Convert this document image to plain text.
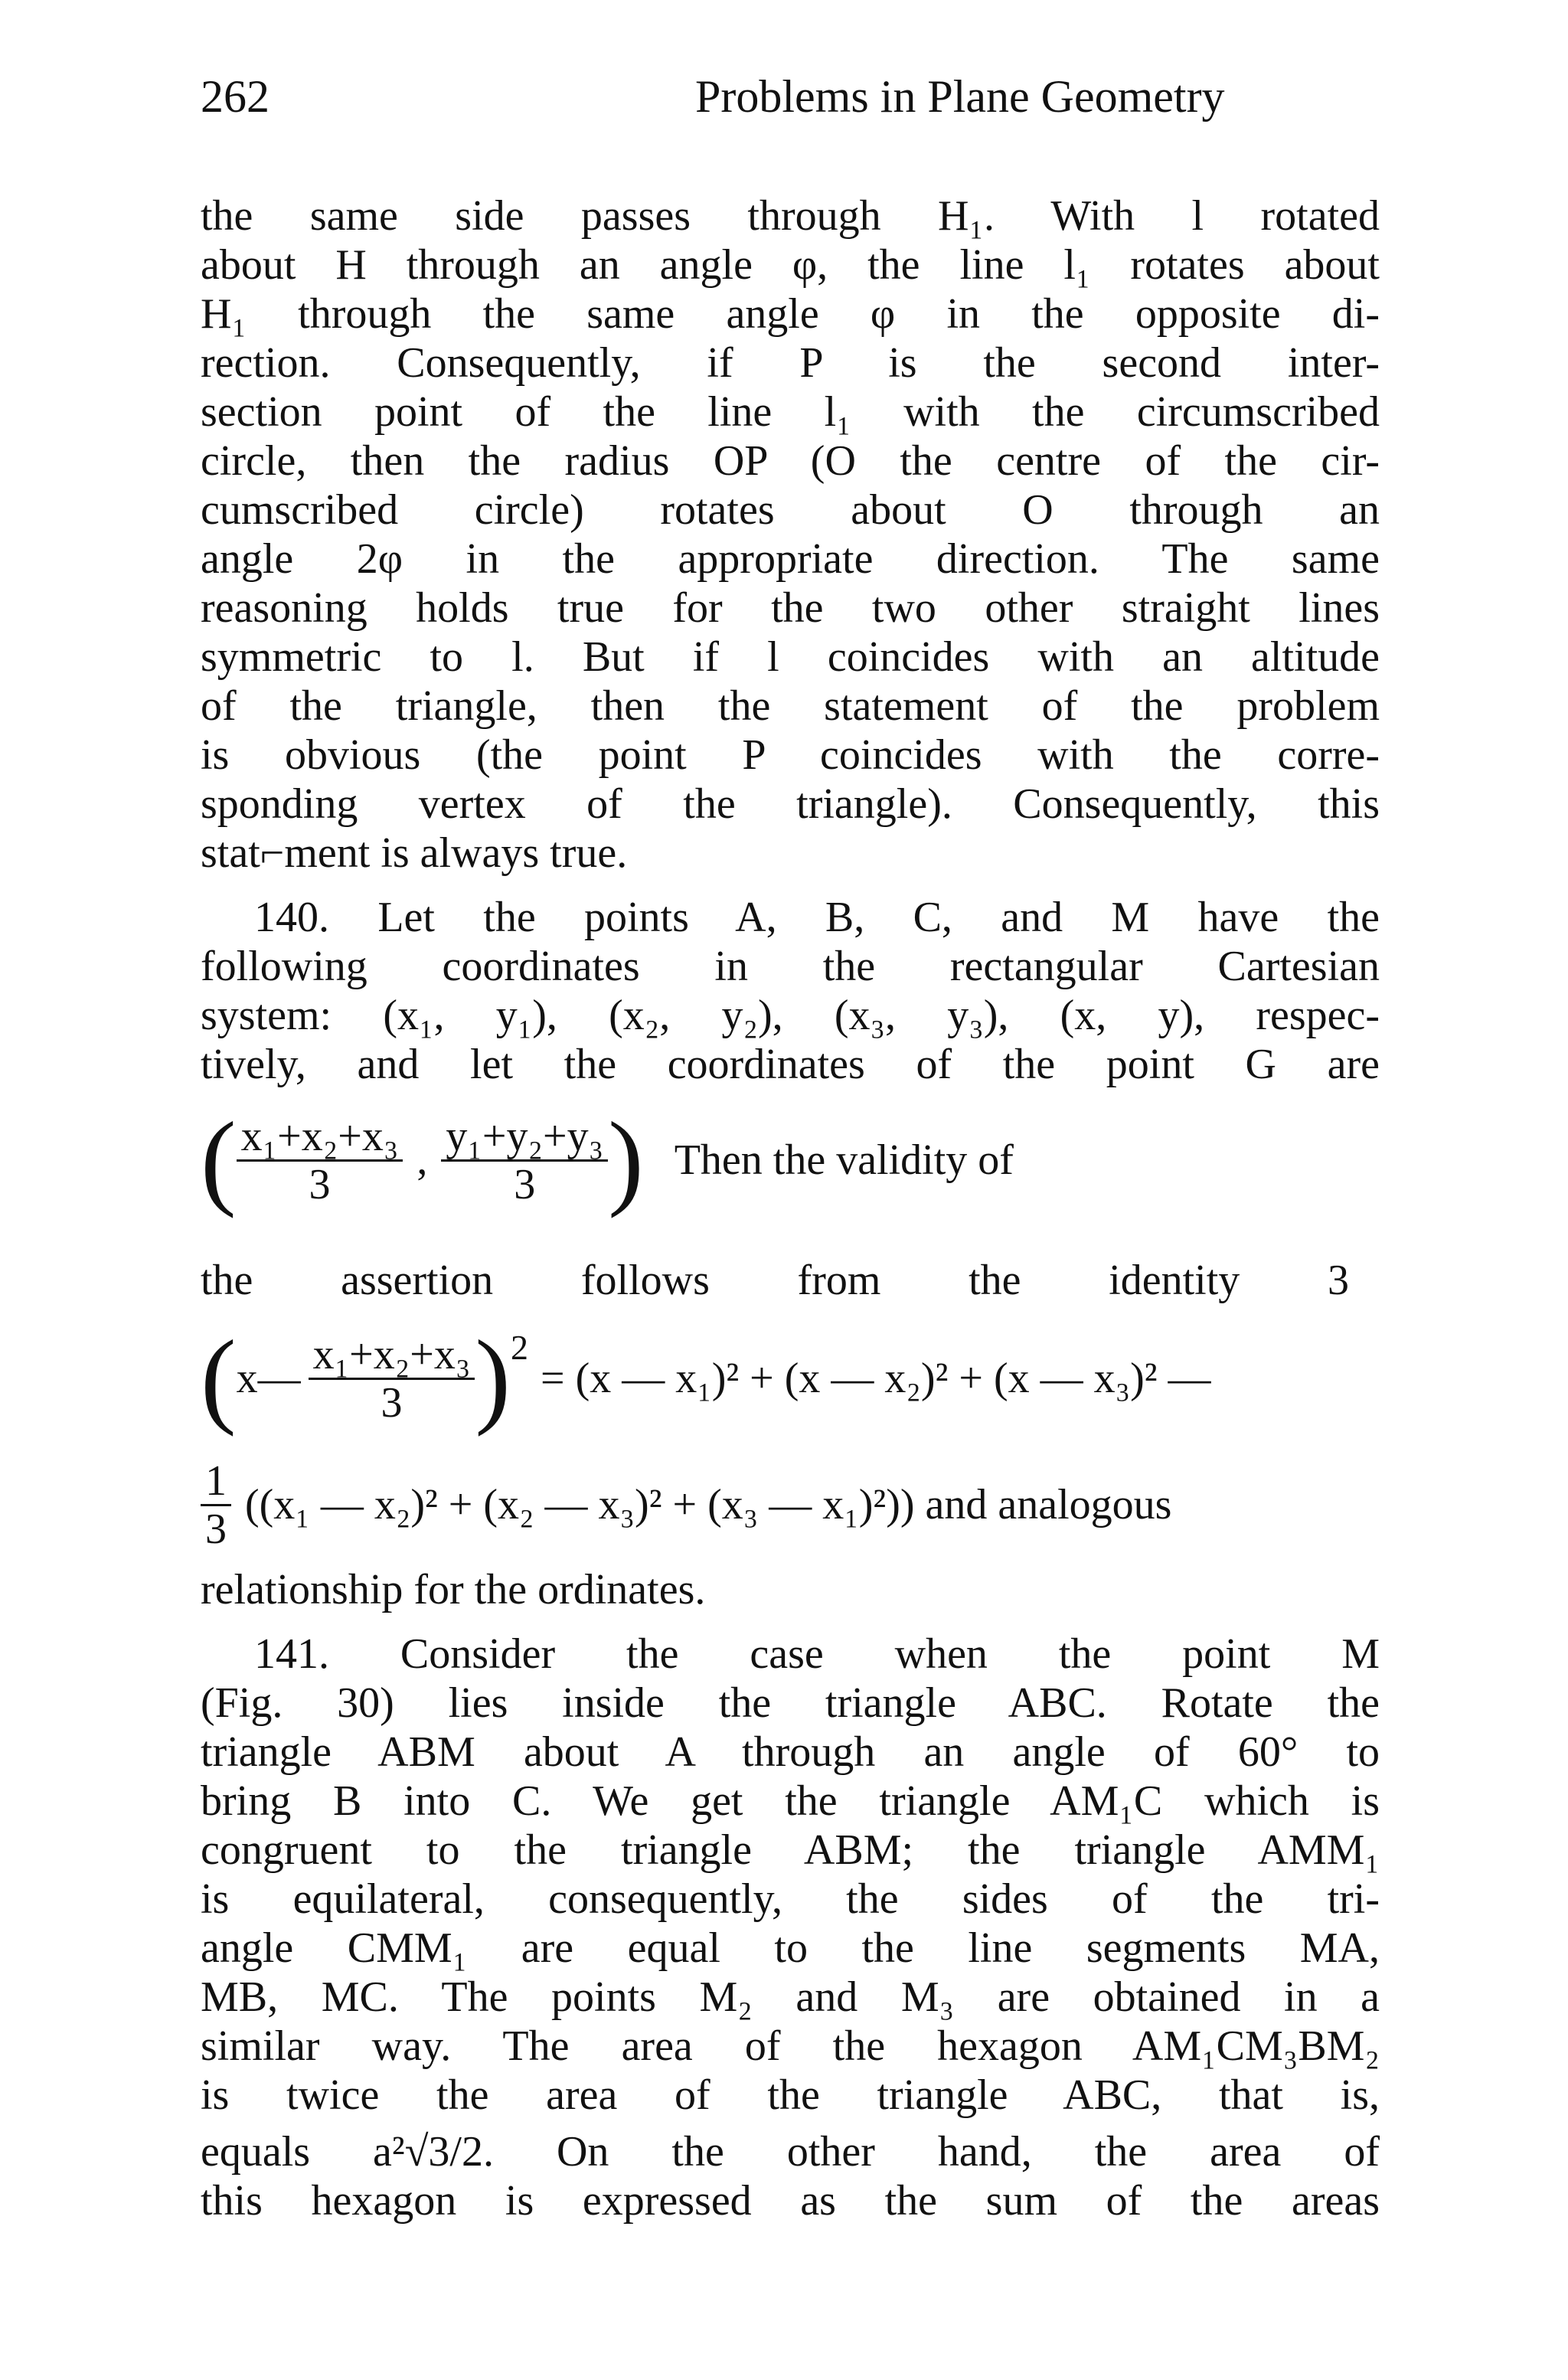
262	Problems in Plane Geometry
the same side passes through H₁. With l rotated
about H through an angle φ, the line l₁ rotates about
H₁ through the same angle φ in the opposite di-
rection. Consequently, if P is the second inter-
section point of the line l₁ with the circumscribed
circle, then the radius OP (O the centre of the cir-
cumscribed circle) rotates about O through an
angle 2φ in the appropriate direction. The same
reasoning holds true for the two other straight lines
symmetric to l. But if l coincides with an altitude
of the triangle, then the statement of the problem
is obvious (the point P coincides with the corre-
sponding vertex of the triangle). Consequently, this
stat⌐ment is always true.
140. Let the points A, B, C, and M have the
following coordinates in the rectangular Cartesian
system: (x₁, y₁), (x₂, y₂), (x₃, y₃), (x, y), respec-
tively, and let the coordinates of the point G are
( $\frac{\text{x₁+x₂+x₃}}{3}$ , $\frac{\text{y₁+y₂+y₃}}{3}$ ) Then the validity of
the assertion follows from the identity 3
( x— $\frac{\text{x₁+x₂+x₃}}{3}$ ) 2
= (x — x₁)² + (x — x₂)² + (x — x₃)² —
$\frac{1}{3} ((x_1$ — x₂)² + (x₂ — x₃)² + (x₃ — x₁)²)) and analogous
relationship for the ordinates.
141. Consider the case when the point M
(Fig. 30) lies inside the triangle ABC. Rotate the
triangle ABM about A through an angle of 60° to
bring B into C. We get the triangle AM₁C which is
congruent to the triangle ABM; the triangle AMM₁
is equilateral, consequently, the sides of the tri-
angle CMM₁ are equal to the line segments MA,
MB, MC. The points M₂ and M₃ are obtained in a
similar way. The area of the hexagon AM₁CM₃BM₂
is twice the area of the triangle ABC, that is,
equals a²√3/2. On the other hand, the area of
this hexagon is expressed as the sum of the areas
